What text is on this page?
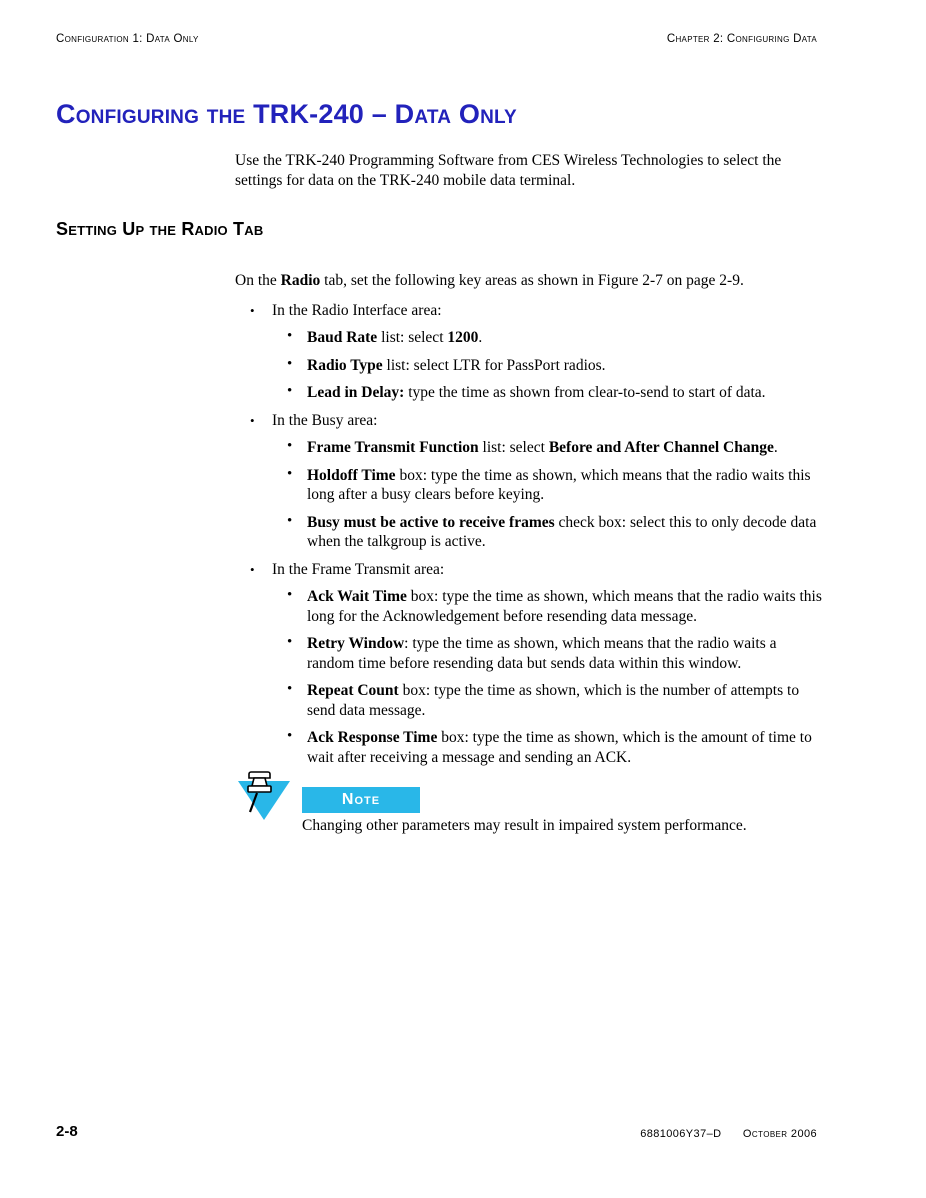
Configuration 1: Data Only	Chapter 2: Configuring Data
Configuring the TRK-240 – Data Only

Use the TRK-240 Programming Software from CES Wireless Technologies to select the settings for data on the TRK-240 mobile data terminal.

Setting Up the Radio Tab

On the Radio tab, set the following key areas as shown in Figure 2-7 on page 2-9.

• In the Radio Interface area:
• Baud Rate list: select 1200.
• Radio Type list: select LTR for PassPort radios.
• Lead in Delay: type the time as shown from clear-to-send to start of data.
• In the Busy area:
• Frame Transmit Function list: select Before and After Channel Change.
• Holdoff Time box: type the time as shown, which means that the radio waits this long after a busy clears before keying.
• Busy must be active to receive frames check box: select this to only decode data when the talkgroup is active.
• In the Frame Transmit area:
• Ack Wait Time box: type the time as shown, which means that the radio waits this long for the Acknowledgement before resending data message.
• Retry Window: type the time as shown, which means that the radio waits a random time before resending data but sends data within this window.
• Repeat Count box: type the time as shown, which is the number of attempts to send data message.
• Ack Response Time box: type the time as shown, which is the amount of time to wait after receiving a message and sending an ACK.
Note

Changing other parameters may result in impaired system performance.

2-8	6881006Y37–D October 2006
